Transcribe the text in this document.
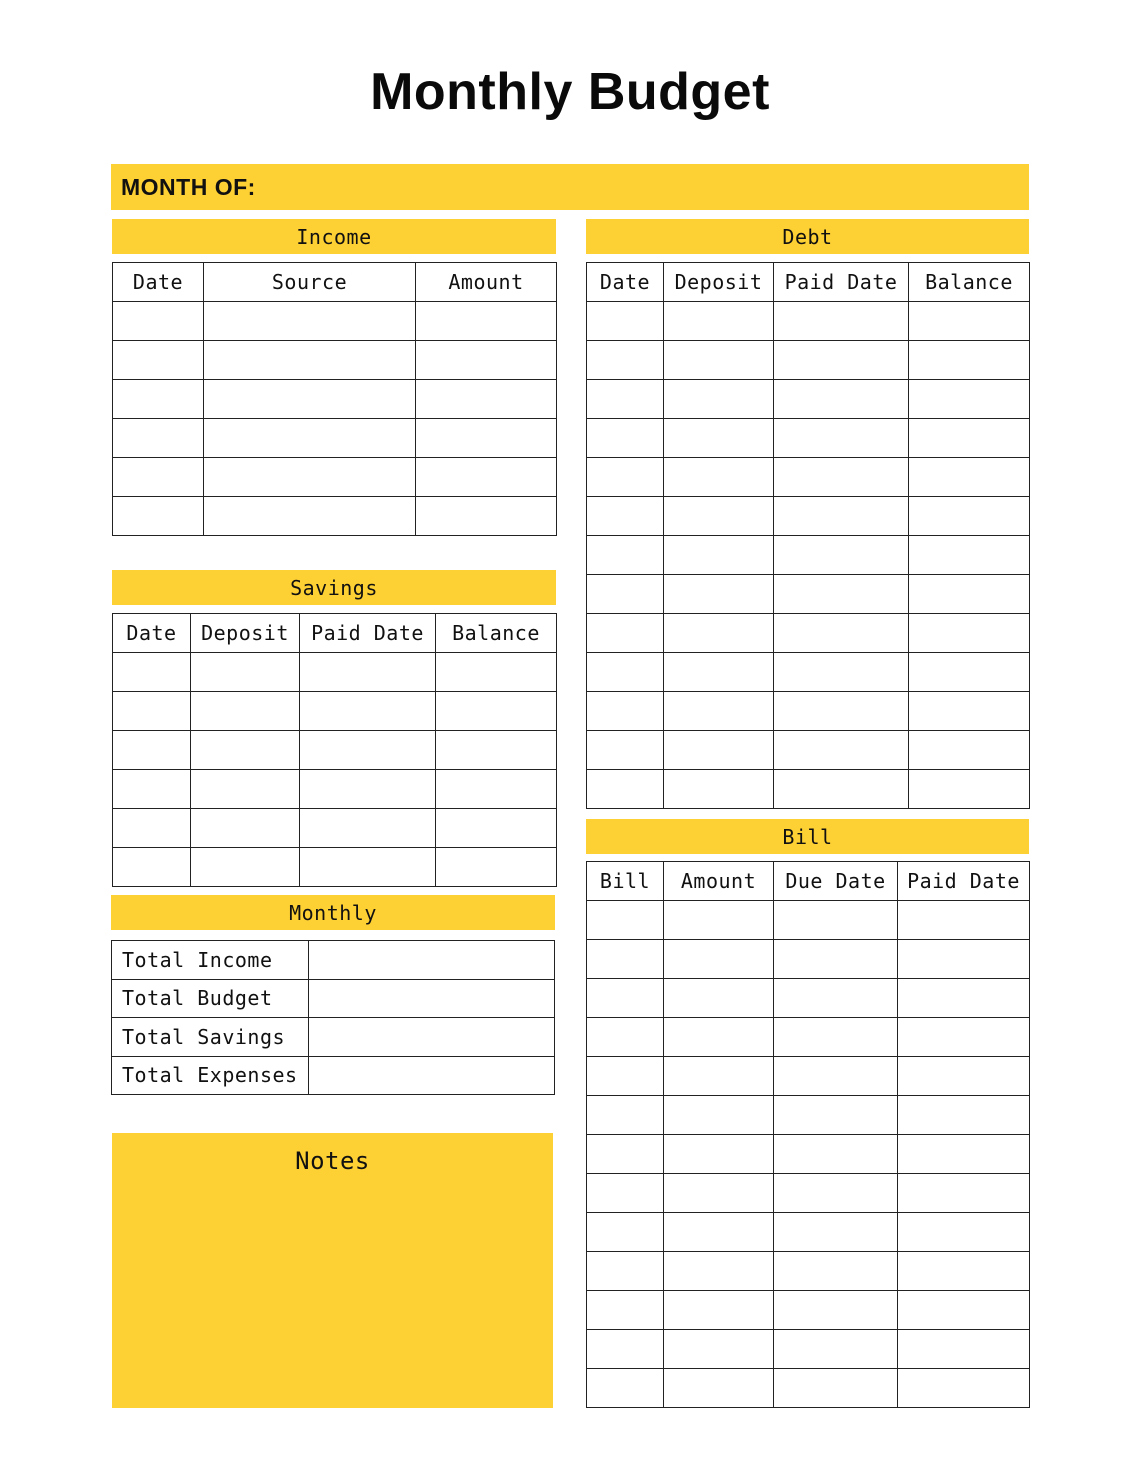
Monthly Budget
MONTH OF:
Income
Date	Source	Amount

Savings
Date	Deposit	Paid Date	Balance

Monthly
Total Income	
Total Budget	
Total Savings	
Total Expenses	
Notes
Debt
Date	Deposit	Paid Date	Balance

Bill
Bill	Amount	Due Date	Paid Date
